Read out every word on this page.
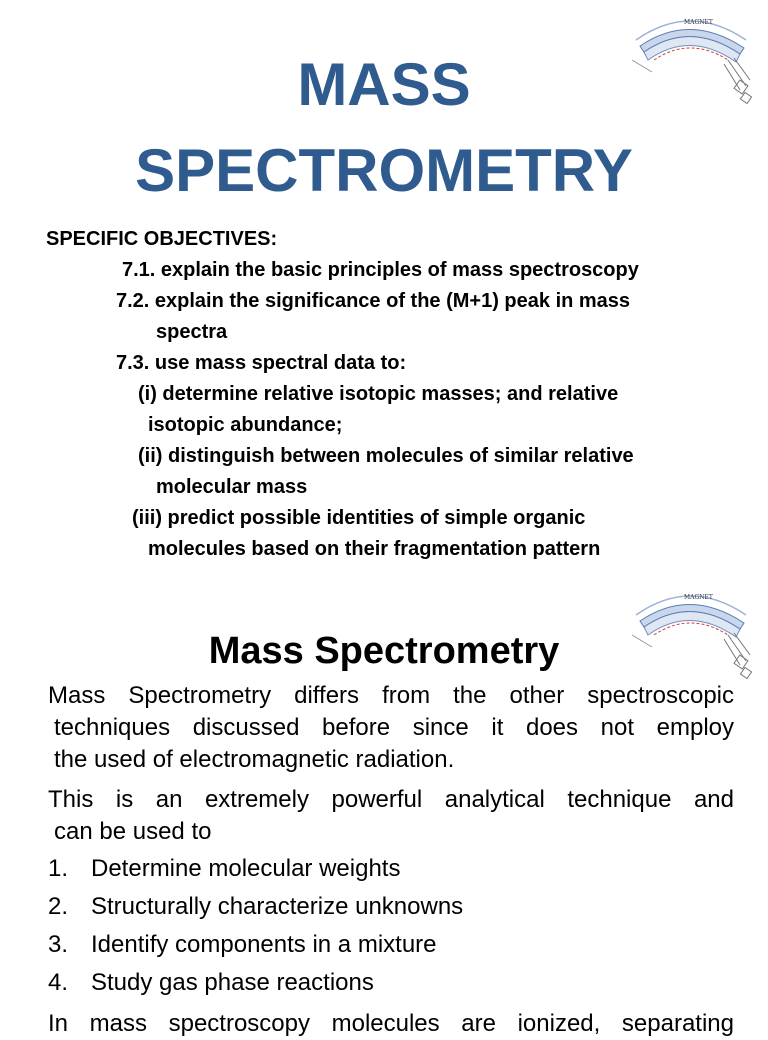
MAGNET
MASS
SPECTROMETRY
SPECIFIC OBJECTIVES:
7.1. explain the basic principles of mass spectroscopy
7.2. explain the significance of the (M+1) peak in mass
spectra
7.3. use mass spectral data to:
(i) determine relative isotopic masses; and relative
isotopic abundance;
(ii) distinguish between molecules of similar relative
molecular mass
(iii) predict possible identities of simple organic
molecules based on their fragmentation pattern
MAGNET
Mass Spectrometry
Mass Spectrometry differs from the other spectroscopic
techniques discussed before since it does not employ
the used of electromagnetic radiation.
This is an extremely powerful analytical technique and
can be used to
1. Determine molecular weights
2. Structurally characterize unknowns
3. Identify components in a mixture
4. Study gas phase reactions
In mass spectroscopy molecules are ionized, separating
